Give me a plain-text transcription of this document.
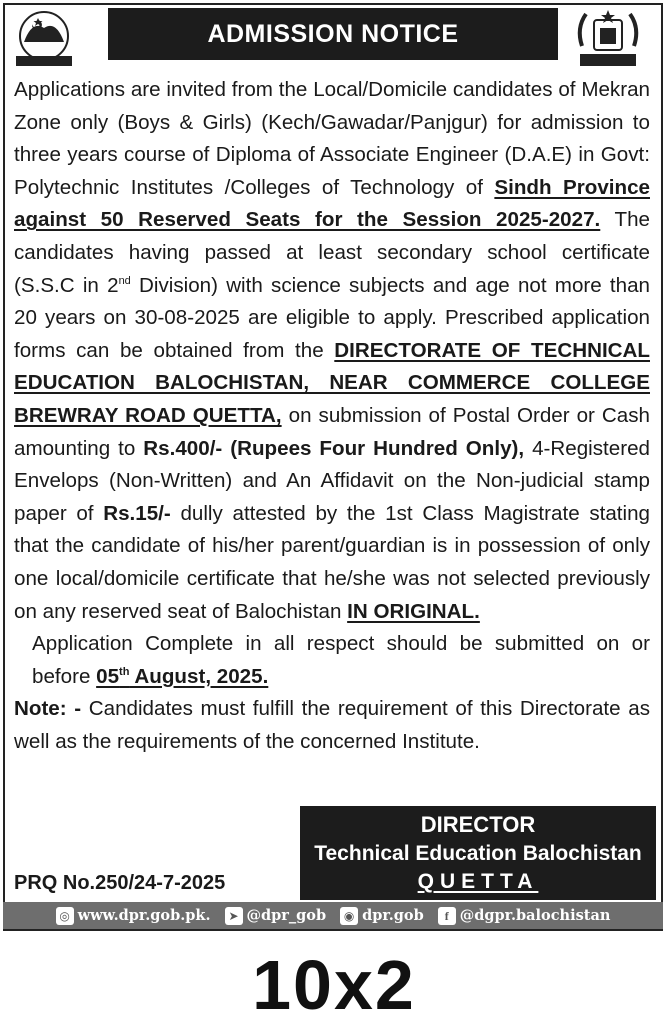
ADMISSION NOTICE

Applications are invited from the Local/Domicile candidates of Mekran Zone only (Boys & Girls) (Kech/Gawadar/Panjgur) for admission to three years course of Diploma of Associate Engineer (D.A.E) in Govt: Polytechnic Institutes /Colleges of Technology of Sindh Province against 50 Reserved Seats for the Session 2025-2027. The candidates having passed at least secondary school certificate (S.S.C in 2nd Division) with science subjects and age not more than 20 years on 30-08-2025 are eligible to apply. Prescribed application forms can be obtained from the DIRECTORATE OF TECHNICAL EDUCATION BALOCHISTAN, NEAR COMMERCE COLLEGE BREWRAY ROAD QUETTA, on submission of Postal Order or Cash amounting to Rs.400/- (Rupees Four Hundred Only), 4-Registered Envelops (Non-Written) and An Affidavit on the Non-judicial stamp paper of Rs.15/- dully attested by the 1st Class Magistrate stating that the candidate of his/her parent/guardian is in possession of only one local/domicile certificate that he/she was not selected previously on any reserved seat of Balochistan IN ORIGINAL.

Application Complete in all respect should be submitted on or before 05th August, 2025.

Note: - Candidates must fulfill the requirement of this Directorate as well as the requirements of the concerned Institute.

DIRECTOR
Technical Education Balochistan
QUETTA
PRQ No.250/24-7-2025
◎ www.dpr.gob.pk.	➤ @dpr_gob	◉ dpr.gob	f @dgpr.balochistan
10x2
